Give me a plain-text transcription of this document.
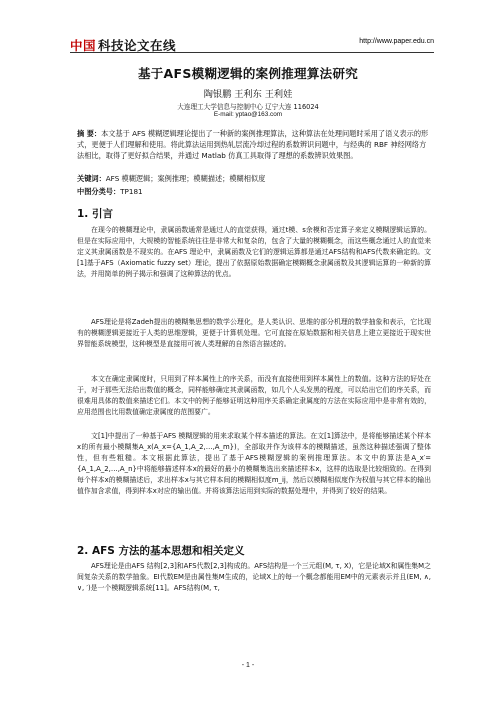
中国 科技论文在线	http://www.paper.edu.cn
基于AFS模糊逻辑的案例推理算法研究
陶银鹏 王利东 王利娃
大连理工大学信息与控制中心 辽宁大连 116024
E-mail: yptao@163.com
摘 要：本文基于 AFS 模糊逻辑理论提出了一种新的案例推理算法，这种算法在处理问题时采用了语义表示的形式，更便于人们理解和使用。将此算法运用到热轧层流冷却过程的系数辨识问题中，与经典的 RBF 神经网络方法相比，取得了更好拟合结果，并通过 Matlab 仿真工具取得了理想的系数辨识效果图。
关键词：AFS 模糊逻辑；案例推理；模糊描述；模糊相似度
中图分类号：TP181
1. 引言

在现今的模糊理论中，隶属函数通常是通过人的直觉获得，通过t模、s余模和否定算子来定义模糊逻辑运算的。但是在实际应用中，大规模的智能系统往往是非常大和复杂的，包含了大量的模糊概念，而这些概念通过人的直觉来定义其隶属函数是不现实的。在AFS 理论中，隶属函数及它们的逻辑运算都是通过AFS结构和AFS代数来确定的。文[1]基于AFS（Axiomatic fuzzy set）理论，提出了依据原始数据确定模糊概念隶属函数及其逻辑运算的一种新的算法，并用简单的例子揭示和强调了这种算法的优点。

AFS理论是将Zadeh提出的模糊集思想的数学公理化，是人类认识、思维的部分机理的数学抽象和表示，它比现有的模糊逻辑更接近于人类的思维逻辑，更便于计算机处理。它可直接在原始数据和相关信息上建立更接近于现实世界智能系统模型，这种模型是直接用可被人类理解的自然语言描述的。

本文在确定隶属度时，只用到了样本属性上的序关系，而没有直接使用到样本属性上的数值。这种方法的好处在于，对于那些无法给出数值的概念，同样能够确定其隶属函数，如几个人头发黑的程度，可以给出它们的序关系，而很难用具体的数值来描述它们。本文中的例子能够证明这种用序关系确定隶属度的方法在实际应用中是非常有效的，应用范围也比用数值确定隶属度的范围要广。

文[1]中提出了一种基于AFS 模糊逻辑的用来求取某个样本描述的算法。在文[1]算法中，是将能够描述某个样本x的所有最小模糊集A_x(A_x={A_1,A_2,…,A_m})，全部取并作为该样本的模糊描述，虽然这种描述强调了整体性，但有些粗糙。本文根据此算法，提出了基于AFS模糊逻辑的案例推理算法。本文中的算法是A_x′={A_1,A_2,…,A_n}中将能够描述样本x的最好的最小的模糊集选出来描述样本x，这样的选取是比较细致的。在得到每个样本x的模糊描述后，求出样本x与其它样本间的模糊相似度m_ij，然后以模糊相似度作为权值与其它样本的输出值作加含求值，得到样本x对应的输出值。并将该算法运用到实际的数据处理中，并得到了较好的结果。

2. AFS 方法的基本思想和相关定义

AFS理论是由AFS 结构[2,3]和AFS代数[2,3]构成的。AFS结构是一个三元组(M, τ, X)，它是论域X和属性集M之间复杂关系的数学抽象。EI代数EM是由属性集M生成的，论域X上的每一个概念都能用EM中的元素表示并且(EM, ∧, ∨, ′)是一个模糊逻辑系统[11]。AFS结构(M, τ,

- 1 -
